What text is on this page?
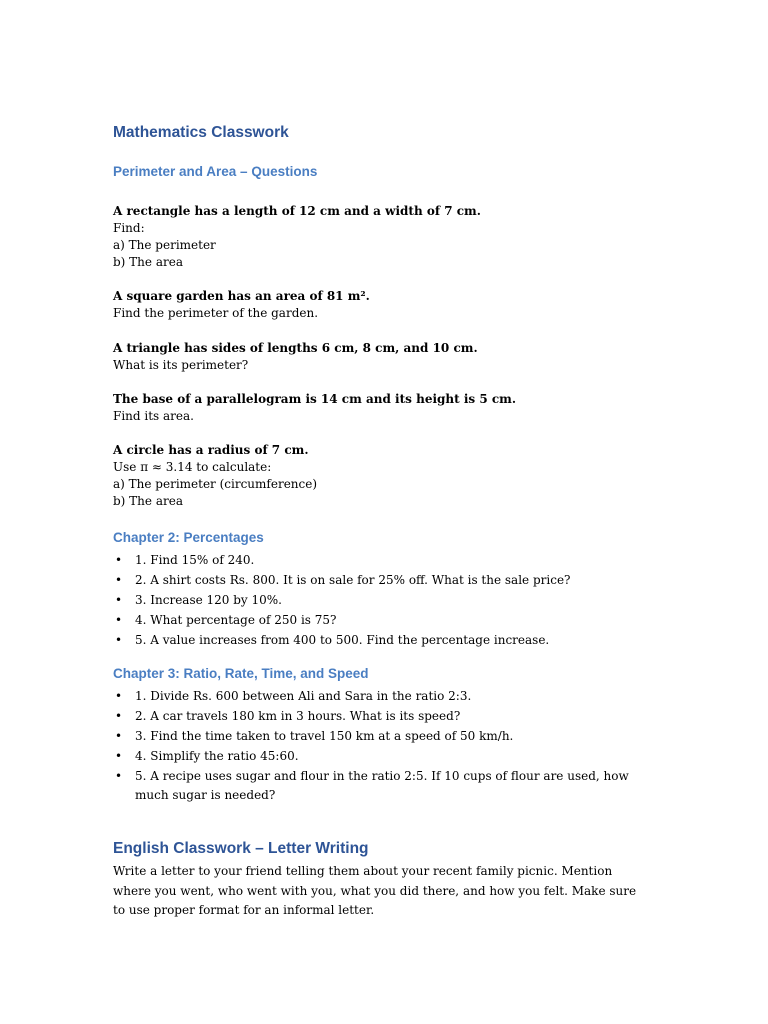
Mathematics Classwork
Perimeter and Area – Questions
A rectangle has a length of 12 cm and a width of 7 cm.
Find:
a) The perimeter
b) The area
A square garden has an area of 81 m².
Find the perimeter of the garden.
A triangle has sides of lengths 6 cm, 8 cm, and 10 cm.
What is its perimeter?
The base of a parallelogram is 14 cm and its height is 5 cm.
Find its area.
A circle has a radius of 7 cm.
Use π ≈ 3.14 to calculate:
a) The perimeter (circumference)
b) The area
Chapter 2: Percentages
• 1. Find 15% of 240.
• 2. A shirt costs Rs. 800. It is on sale for 25% off. What is the sale price?
• 3. Increase 120 by 10%.
• 4. What percentage of 250 is 75?
• 5. A value increases from 400 to 500. Find the percentage increase.
Chapter 3: Ratio, Rate, Time, and Speed
• 1. Divide Rs. 600 between Ali and Sara in the ratio 2:3.
• 2. A car travels 180 km in 3 hours. What is its speed?
• 3. Find the time taken to travel 150 km at a speed of 50 km/h.
• 4. Simplify the ratio 45:60.
• 5. A recipe uses sugar and flour in the ratio 2:5. If 10 cups of flour are used, how much sugar is needed?
English Classwork – Letter Writing
Write a letter to your friend telling them about your recent family picnic. Mention where you went, who went with you, what you did there, and how you felt. Make sure to use proper format for an informal letter.
